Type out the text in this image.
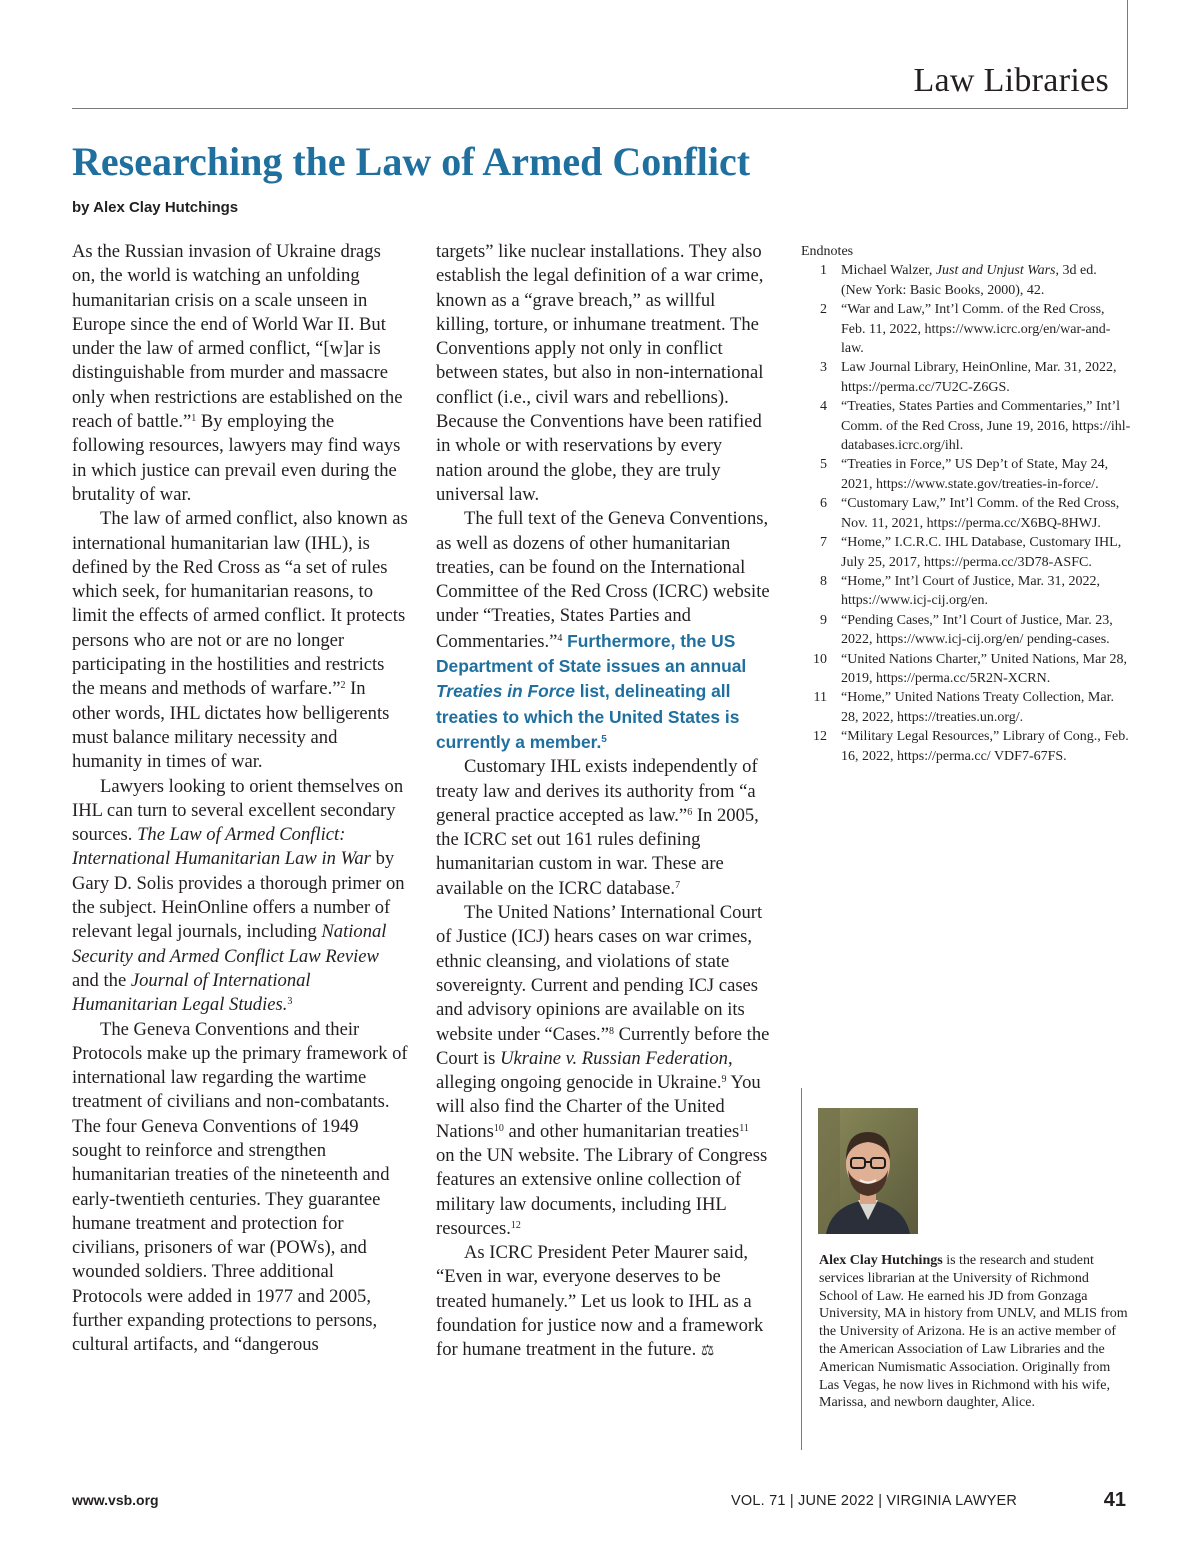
Law Libraries
Researching the Law of Armed Conflict
by Alex Clay Hutchings

As the Russian invasion of Ukraine drags on, the world is watching an unfolding humanitarian crisis on a scale unseen in Europe since the end of World War II. But under the law of armed conflict, “[w]ar is distinguishable from murder and massacre only when restrictions are established on the reach of battle.”$^1$ By employing the following resources, lawyers may find ways in which justice can prevail even during the brutality of war.

The law of armed conflict, also known as international humanitarian law (IHL), is defined by the Red Cross as “a set of rules which seek, for humanitarian reasons, to limit the effects of armed conflict. It protects persons who are not or are no longer participating in the hostilities and restricts the means and methods of warfare.”$^2$ In other words, IHL dictates how belligerents must balance military necessity and humanity in times of war.

Lawyers looking to orient themselves on IHL can turn to several excellent secondary sources. The Law of Armed Conflict: International Humanitarian Law in War by Gary D. Solis provides a thorough primer on the subject. HeinOnline offers a number of relevant legal journals, including National Security and Armed Conflict Law Review and the Journal of International Humanitarian Legal Studies.$^3$

The Geneva Conventions and their Protocols make up the primary framework of international law regarding the wartime treatment of civilians and non-combatants. The four Geneva Conventions of 1949 sought to reinforce and strengthen humanitarian treaties of the nineteenth and early-twentieth centuries. They guarantee humane treatment and protection for civilians, prisoners of war (POWs), and wounded soldiers. Three additional Protocols were added in 1977 and 2005, further expanding protections to persons, cultural artifacts, and “dangerous

targets” like nuclear installations. They also establish the legal definition of a war crime, known as a “grave breach,” as willful killing, torture, or inhumane treatment. The Conventions apply not only in conflict between states, but also in non-international conflict (i.e., civil wars and rebellions). Because the Conventions have been ratified in whole or with reservations by every nation around the globe, they are truly universal law.

The full text of the Geneva Conventions, as well as dozens of other humanitarian treaties, can be found on the International Committee of the Red Cross (ICRC) website under “Treaties, States Parties and Commentaries.”$^4$ Furthermore, the US Department of State issues an annual Treaties in Force list, delineating all treaties to which the United States is currently a member.$^5$

Customary IHL exists independently of treaty law and derives its authority from “a general practice accepted as law.”$^6$ In 2005, the ICRC set out 161 rules defining humanitarian custom in war. These are available on the ICRC database.$^7$

The United Nations’ International Court of Justice (ICJ) hears cases on war crimes, ethnic cleansing, and violations of state sovereignty. Current and pending ICJ cases and advisory opinions are available on its website under “Cases.”$^8$ Currently before the Court is Ukraine v. Russian Federation, alleging ongoing genocide in Ukraine.$^9$ You will also find the Charter of the United Nations$^{10}$ and other humanitarian treaties$^{11}$ on the UN website. The Library of Congress features an extensive online collection of military law documents, including IHL resources.$^{12}$

As ICRC President Peter Maurer said, “Even in war, everyone deserves to be treated humanely.” Let us look to IHL as a foundation for justice now and a framework for humane treatment in the future. ⚖

Endnotes
1 Michael Walzer, Just and Unjust Wars, 3d ed. (New York: Basic Books, 2000), 42.
2 “War and Law,” Int’l Comm. of the Red Cross, Feb. 11, 2022, https://www.icrc.org/en/war-and-law.
3 Law Journal Library, HeinOnline, Mar. 31, 2022, https://perma.cc/7U2C-Z6GS.
4 “Treaties, States Parties and Commentaries,” Int’l Comm. of the Red Cross, June 19, 2016, https://ihl-databases.icrc.org/ihl.
5 “Treaties in Force,” US Dep’t of State, May 24, 2021, https://www.state.gov/treaties-in-force/.
6 “Customary Law,” Int’l Comm. of the Red Cross, Nov. 11, 2021, https://perma.cc/X6BQ-8HWJ.
7 “Home,” I.C.R.C. IHL Database, Customary IHL, July 25, 2017, https://perma.cc/3D78-ASFC.
8 “Home,” Int’l Court of Justice, Mar. 31, 2022, https://www.icj-cij.org/en.
9 “Pending Cases,” Int’l Court of Justice, Mar. 23, 2022, https://www.icj-cij.org/en/ pending-cases.
10 “United Nations Charter,” United Nations, Mar 28, 2019, https://perma.cc/5R2N-XCRN.
11 “Home,” United Nations Treaty Collection, Mar. 28, 2022, https://treaties.un.org/.
12 “Military Legal Resources,” Library of Cong., Feb. 16, 2022, https://perma.cc/ VDF7-67FS.
Alex Clay Hutchings is the research and student services librarian at the University of Richmond School of Law. He earned his JD from Gonzaga University, MA in history from UNLV, and MLIS from the University of Arizona. He is an active member of the American Association of Law Libraries and the American Numismatic Association. Originally from Las Vegas, he now lives in Richmond with his wife, Marissa, and newborn daughter, Alice.
www.vsb.org	VOL. 71 | JUNE 2022 | VIRGINIA LAWYER	41
